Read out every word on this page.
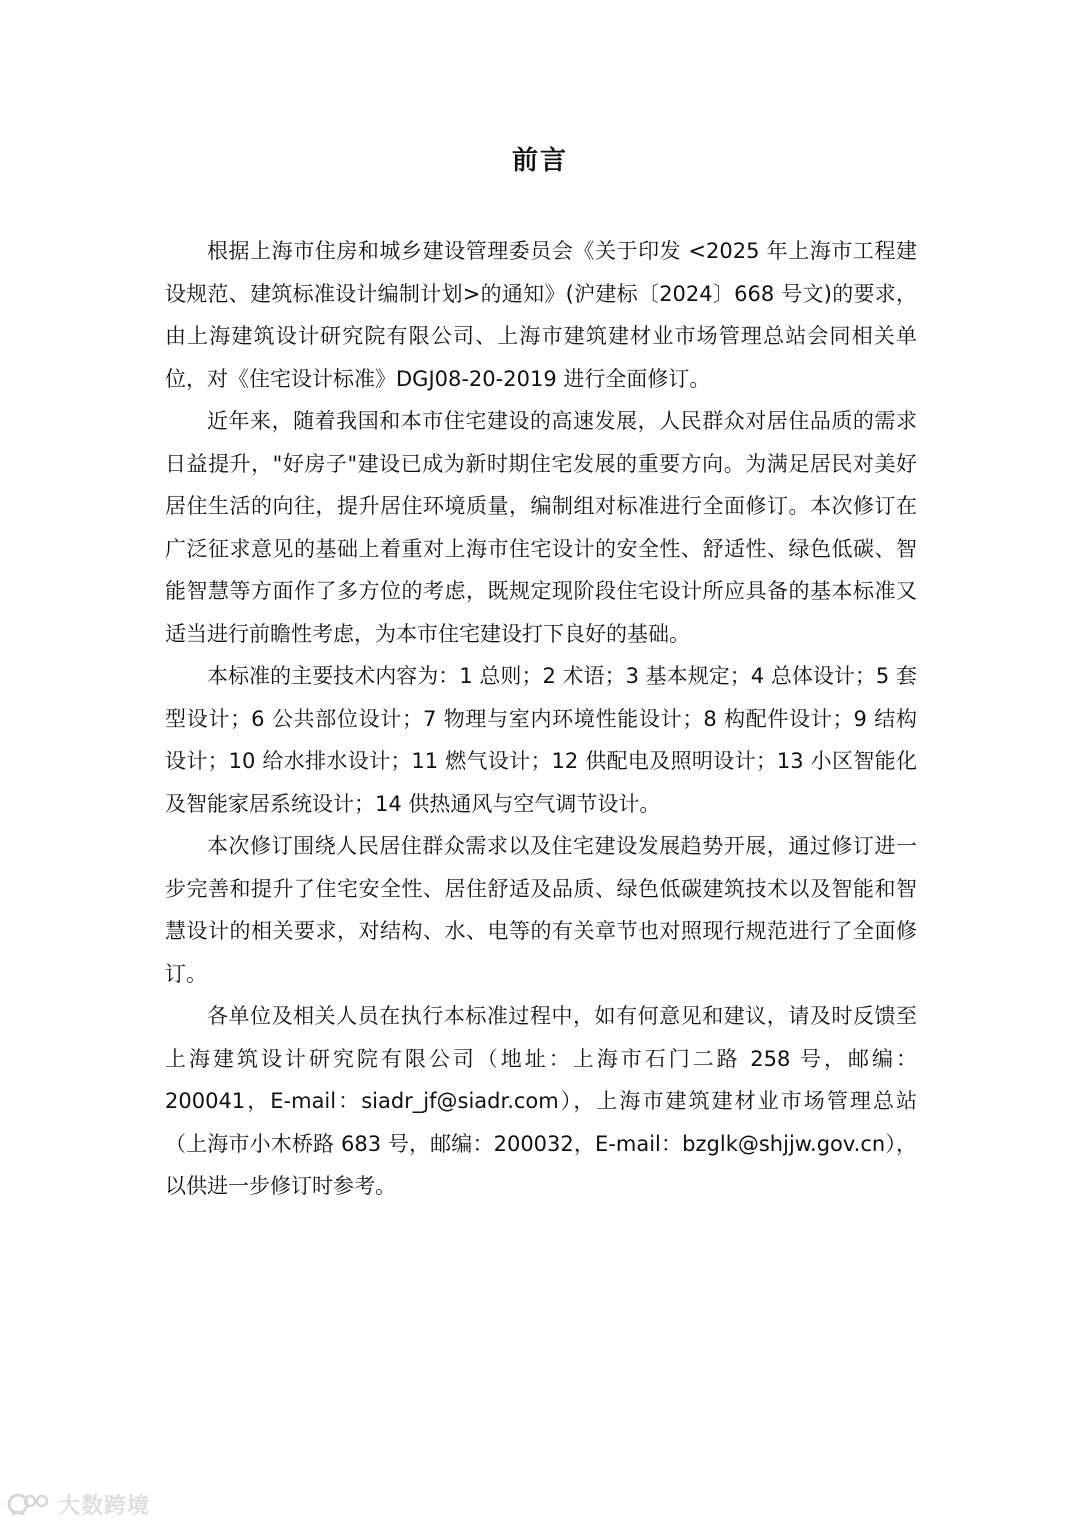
前言

根据上海市住房和城乡建设管理委员会《关于印发 <2025 年上海市工程建设规范、建筑标准设计编制计划>的通知》(沪建标〔2024〕668 号文)的要求，由上海建筑设计研究院有限公司、上海市建筑建材业市场管理总站会同相关单位，对《住宅设计标准》DGJ08-20-2019 进行全面修订。

近年来，随着我国和本市住宅建设的高速发展，人民群众对居住品质的需求日益提升，"好房子"建设已成为新时期住宅发展的重要方向。为满足居民对美好居住生活的向往，提升居住环境质量，编制组对标准进行全面修订。本次修订在广泛征求意见的基础上着重对上海市住宅设计的安全性、舒适性、绿色低碳、智能智慧等方面作了多方位的考虑，既规定现阶段住宅设计所应具备的基本标准又适当进行前瞻性考虑，为本市住宅建设打下良好的基础。

本标准的主要技术内容为：1 总则；2 术语；3 基本规定；4 总体设计；5 套型设计；6 公共部位设计；7 物理与室内环境性能设计；8 构配件设计；9 结构设计；10 给水排水设计；11 燃气设计；12 供配电及照明设计；13 小区智能化及智能家居系统设计；14 供热通风与空气调节设计。

本次修订围绕人民居住群众需求以及住宅建设发展趋势开展，通过修订进一步完善和提升了住宅安全性、居住舒适及品质、绿色低碳建筑技术以及智能和智慧设计的相关要求，对结构、水、电等的有关章节也对照现行规范进行了全面修订。

各单位及相关人员在执行本标准过程中，如有何意见和建议，请及时反馈至上海建筑设计研究院有限公司（地址：上海市石门二路 258 号，邮编：200041，E-mail：siadr_jf@siadr.com），上海市建筑建材业市场管理总站（上海市小木桥路 683 号，邮编：200032，E-mail：bzglk@shjjw.gov.cn），以供进一步修订时参考。

大数跨境
